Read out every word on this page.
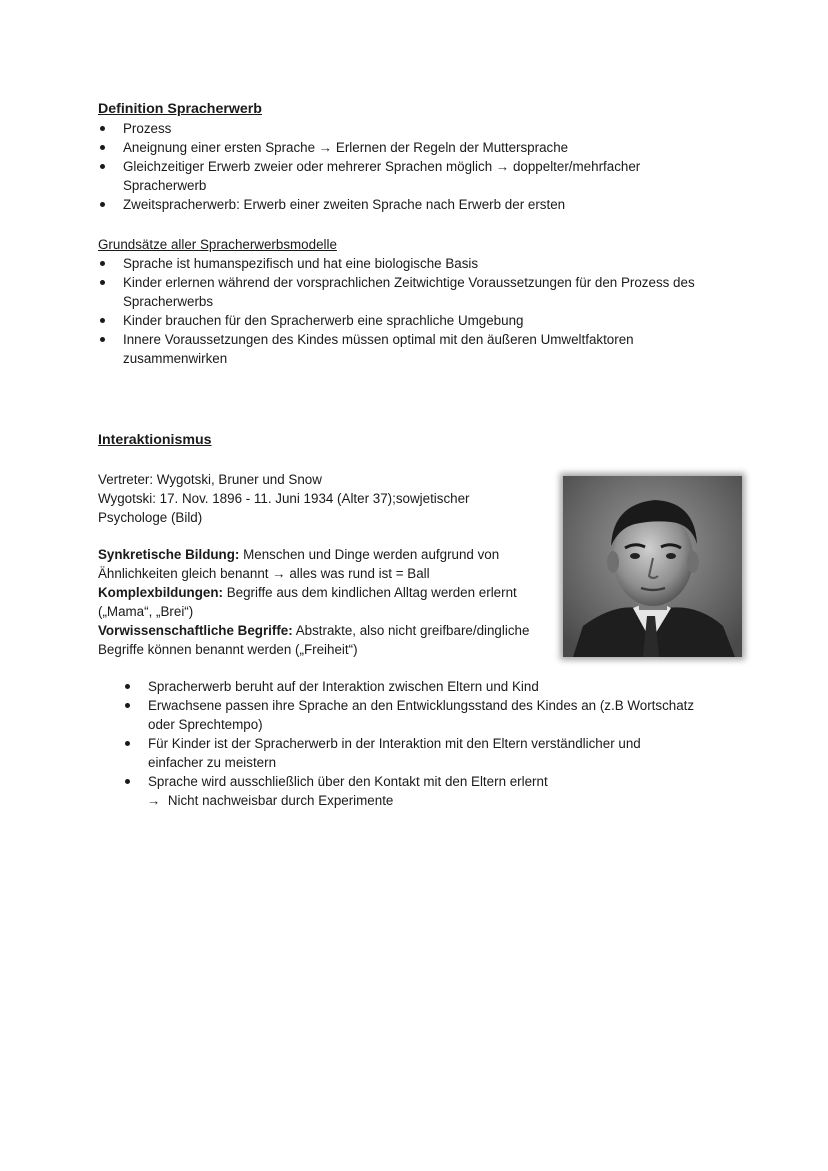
Definition Spracherwerb
Prozess
Aneignung einer ersten Sprache → Erlernen der Regeln der Muttersprache
Gleichzeitiger Erwerb zweier oder mehrerer Sprachen möglich → doppelter/mehrfacher Spracherwerb
Zweitspracherwerb: Erwerb einer zweiten Sprache nach Erwerb der ersten
Grundsätze aller Spracherwerbsmodelle
Sprache ist humanspezifisch und hat eine biologische Basis
Kinder erlernen während der vorsprachlichen Zeitwichtige Voraussetzungen für den Prozess des Spracherwerbs
Kinder brauchen für den Spracherwerb eine sprachliche Umgebung
Innere Voraussetzungen des Kindes müssen optimal mit den äußeren Umweltfaktoren zusammenwirken
Interaktionismus
Vertreter: Wygotski, Bruner und Snow
Wygotski: 17. Nov. 1896 - 11. Juni 1934 (Alter 37);sowjetischer
Psychologe (Bild)
Synkretische Bildung: Menschen und Dinge werden aufgrund von Ähnlichkeiten gleich benannt → alles was rund ist = Ball
Komplexbildungen: Begriffe aus dem kindlichen Alltag werden erlernt („Mama“, „Brei“)
Vorwissenschaftliche Begriffe: Abstrakte, also nicht greifbare/dingliche Begriffe können benannt werden („Freiheit“)
Spracherwerb beruht auf der Interaktion zwischen Eltern und Kind
Erwachsene passen ihre Sprache an den Entwicklungsstand des Kindes an (z.B Wortschatz oder Sprechtempo)
Für Kinder ist der Spracherwerb in der Interaktion mit den Eltern verständlicher und einfacher zu meistern
Sprache wird ausschließlich über den Kontakt mit den Eltern erlernt
→ Nicht nachweisbar durch Experimente
